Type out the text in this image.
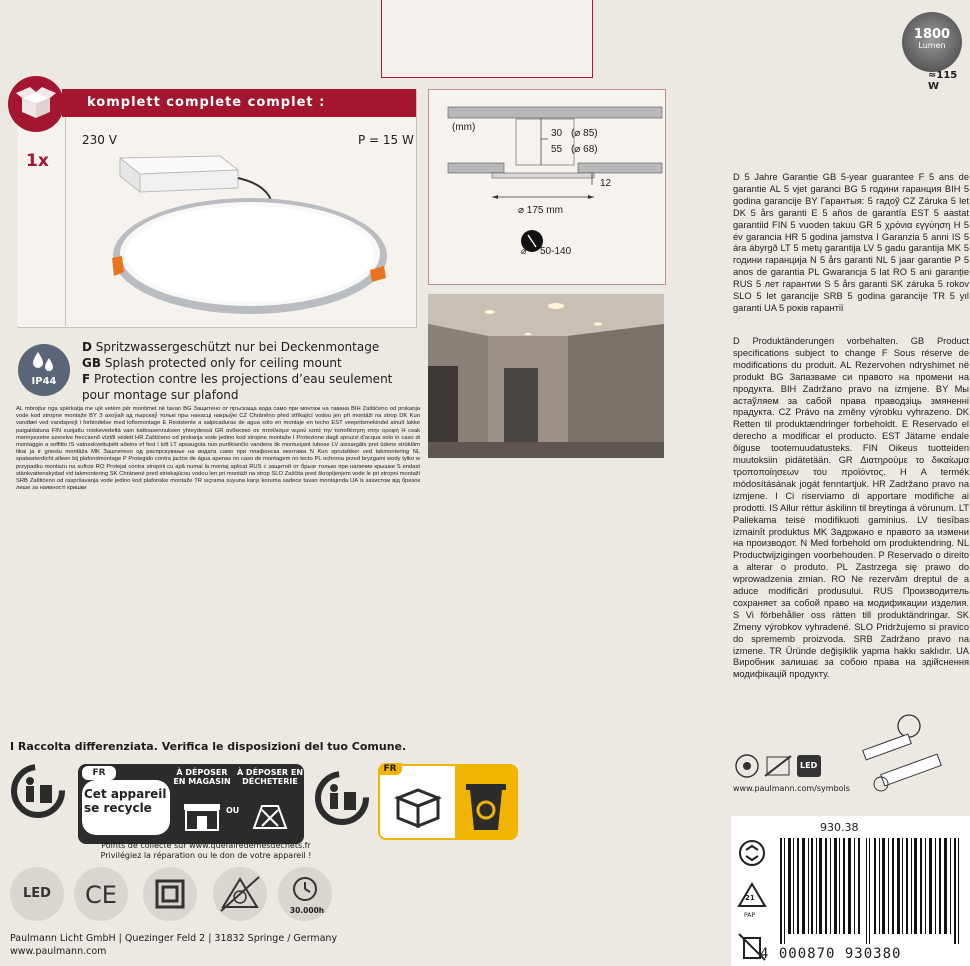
1800
Lumen
≈115 W
komplett complete complet :
1x
230 V	P = 15 W
(mm)
30 (⌀ 85)
55 (⌀ 68)
12
⌀ 175 mm
⌀ 50-140
IP44
D Spritzwassergeschützt nur bei Deckenmontage
GB Splash protected only for ceiling mount
F Protection contre les projections d’eau seulement
pour montage sur plafond
AL mbrojtur nga spërkatja me ujë vetëm për montimet në tavan BG Защитено от пръскаща вода само при монтаж на тавана BIH Zaštićeno od prskanja vode kod stropne montaže BY З ахоўай ад пырскаў толькі пры нанасцi накрыўкі CZ Chráněno před stříkající vodou jen při montáži na strop DK Kun vandtæt ved vandsprejt i forbindelse med loftsmontage E Resistente a salpicaduras de agua sólo en montaje en techo EST veepritsmekindel ainult lakke paigaldatuna FIN suojattu roiskevedeltä vain kattoasennuksen yhteydessä GR ανθεκτικό σε πιτσίλισμα νερού κατά την τοποθέτηση στην οροφή H csak mennyezetre szerelve freccsenő víztől védett HR Zaštićeno od prskanja vode jedino kod stropne montaže I Protezione dagli spruzzi d'acqua solo in caso di montaggio a soffitto IS vatnsskvettuþétt aðeins ef fest í loft LT apsaugota nuo purškiančio vandens tik montuojant lubose LV aizsargāts pret ūdens strūklām tikai ja ir griestu montāža MK Заштитено од распрскување на водата само при плафонска монтажа N Kun sprutsikker ved takmontering NL spatwaterdicht alleen bij plafondmontage P Protegido contra jactos de água apenas no caso de montagem no tecto PL ochrona przed bryzgami wody tylko w przypadku montażu na suficie RO Protejat contra stropirii cu apă numai la montaj aplicat RUS с защитой от брызг только при наличии крышки S endast stänkvattenskydad vid takmontering SK Chránené pred striekajúcou vodou len pri montáži na strop SLO Zaščita pred škropljenjem vode le pri stropni montaži SRB Zaštićeno od raspršavanja vode jedino kod plafonske montaže TR sıçrama suyuna karşı koruma sadece tavan montajında UA із захистом від бризок лише за наявності кришки
D 5 Jahre Garantie GB 5-year guarantee F 5 ans de garantie AL 5 vjet garanci BG 5 години гаранция BIH 5 godina garancije BY Гарантыя: 5 гадоў CZ Záruka 5 let DK 5 års garanti E 5 años de garantía EST 5 aastat garantiid FIN 5 vuoden takuu GR 5 χρόνια εγγύηση H 5 év garancia HR 5 godina jamstva I Garanzia 5 anni IS 5 ára ábyrgð LT 5 metų garantija LV 5 gadu garantija MK 5 години гаранција N 5 års garanti NL 5 jaar garantie P 5 anos de garantia PL Gwarancja 5 lat RO 5 ani garanție RUS 5 лет гарантии S 5 års garanti SK záruka 5 rokov SLO 5 let garancije SRB 5 godina garancije TR 5 yıl garanti UA 5 років гарантії
D Produktänderungen vorbehalten. GB Product specifications subject to change F Sous réserve de modifications du produit. AL Rezervohen ndryshimet në produkt BG Запазваме си правото на промени на продукта. BIH Zadržano pravo na izmjene. BY Мы астаўляем за сабой права праводзіць змяненні прадукта. CZ Právo na změny výrobku vyhrazeno. DK Retten til produktændringer forbeholdt. E Reservado el derecho a modificar el producto. EST Jätame endale õiguse tootemuudatusteks. FIN Oikeus tuotteiden muutoksiin pidätetään. GR Διατηρούμε το δικαίωμα τροποποίησεων του προϊόντος. H A termék módosításának jogát fenntartjuk. HR Zadržano pravo na izmjene. I Ci riserviamo di apportare modifiche ai prodotti. IS Allur réttur áskilinn til breytinga á vörunum. LT Paliekama teisė modifikuoti gaminius. LV tiesības izmainīt produktus MK Задржано е правото за измени на производот. N Med forbehold om produktendring. NL Productwijzigingen voorbehouden. P Reservado o direito a alterar o produto. PL Zastrzega się prawo do wprowadzenia zmian. RO Ne rezervăm dreptul de a aduce modificări produsului. RUS Производитель сохраняет за собой право на модификации изделия. S Vi förbehåller oss rätten till produktändringar. SK Zmeny výrobkov vyhradené. SLO Pridržujemo si pravico do sprememb proizvoda. SRB Zadržano pravo na izmene. TR Üründe değişiklik yapma hakkı saklıdır. UA Виробник залишає за собою права на здійснення модифікацій продукту.
I Raccolta differenziata. Verifica le disposizioni del tuo Comune.
FR
Cet appareil se recycle
À DÉPOSER EN MAGASIN
À DÉPOSER EN DÉCHETERIE
OU
Points de collecte sur www.quefairedemesdechets.fr
Privilégiez la réparation ou le don de votre appareil !
FR
LED	CE
30.000h
Paulmann Licht GmbH | Quezinger Feld 2 | 31832 Springe / Germany
www.paulmann.com
LED
www.paulmann.com/symbols
930.38
21
PAP
4 000870 930380
